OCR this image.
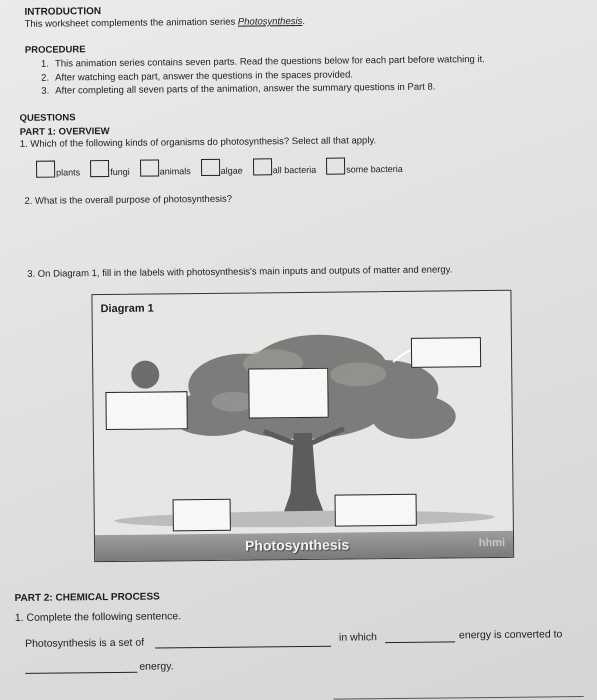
INTRODUCTION
This worksheet complements the animation series Photosynthesis.
PROCEDURE
1. This animation series contains seven parts. Read the questions below for each part before watching it.
2. After watching each part, answer the questions in the spaces provided.
3. After completing all seven parts of the animation, answer the summary questions in Part 8.
QUESTIONS
PART 1: OVERVIEW
1. Which of the following kinds of organisms do photosynthesis? Select all that apply.
plants	fungi	animals	algae	all bacteria	some bacteria
2. What is the overall purpose of photosynthesis?
3. On Diagram 1, fill in the labels with photosynthesis's main inputs and outputs of matter and energy.
Diagram 1
Photosynthesis	hhmi
PART 2: CHEMICAL PROCESS
1. Complete the following sentence.
Photosynthesis is a set of	in which	energy is converted to
energy.
